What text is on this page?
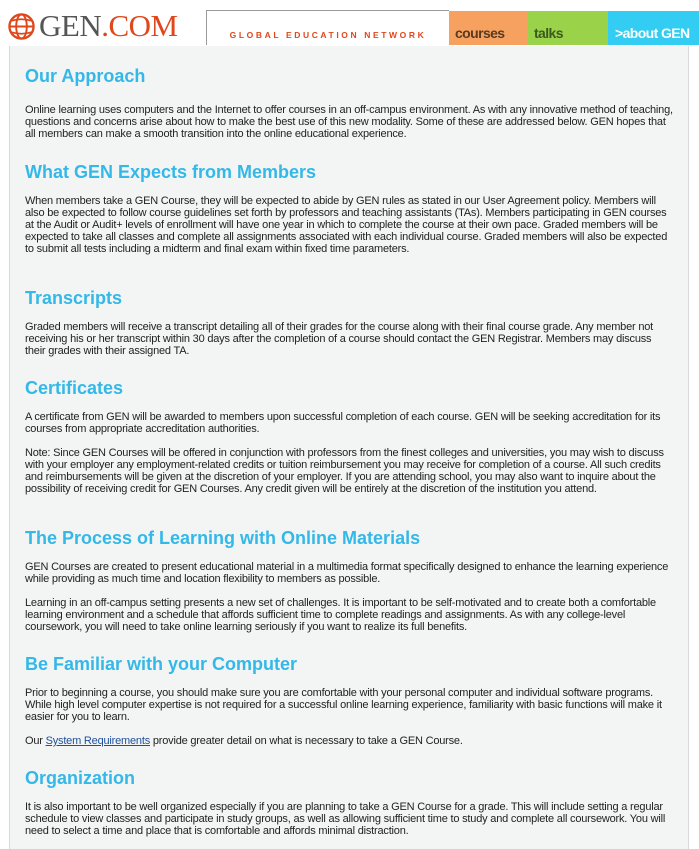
GEN.COM	GLOBAL EDUCATION NETWORK	courses	talks	>about GEN
Our Approach

Online learning uses computers and the Internet to offer courses in an off-campus environment. As with any innovative method of teaching, questions and concerns arise about how to make the best use of this new modality. Some of these are addressed below. GEN hopes that all members can make a smooth transition into the online educational experience.

What GEN Expects from Members

When members take a GEN Course, they will be expected to abide by GEN rules as stated in our User Agreement policy. Members will also be expected to follow course guidelines set forth by professors and teaching assistants (TAs). Members participating in GEN courses at the Audit or Audit+ levels of enrollment will have one year in which to complete the course at their own pace. Graded members will be expected to take all classes and complete all assignments associated with each individual course. Graded members will also be expected to submit all tests including a midterm and final exam within fixed time parameters.

Transcripts

Graded members will receive a transcript detailing all of their grades for the course along with their final course grade. Any member not receiving his or her transcript within 30 days after the completion of a course should contact the GEN Registrar. Members may discuss their grades with their assigned TA.

Certificates

A certificate from GEN will be awarded to members upon successful completion of each course. GEN will be seeking accreditation for its courses from appropriate accreditation authorities.

Note: Since GEN Courses will be offered in conjunction with professors from the finest colleges and universities, you may wish to discuss with your employer any employment-related credits or tuition reimbursement you may receive for completion of a course. All such credits and reimbursements will be given at the discretion of your employer. If you are attending school, you may also want to inquire about the possibility of receiving credit for GEN Courses. Any credit given will be entirely at the discretion of the institution you attend.

The Process of Learning with Online Materials

GEN Courses are created to present educational material in a multimedia format specifically designed to enhance the learning experience while providing as much time and location flexibility to members as possible.

Learning in an off-campus setting presents a new set of challenges. It is important to be self-motivated and to create both a comfortable learning environment and a schedule that affords sufficient time to complete readings and assignments. As with any college-level coursework, you will need to take online learning seriously if you want to realize its full benefits.

Be Familiar with your Computer

Prior to beginning a course, you should make sure you are comfortable with your personal computer and individual software programs. While high level computer expertise is not required for a successful online learning experience, familiarity with basic functions will make it easier for you to learn.

Our System Requirements provide greater detail on what is necessary to take a GEN Course.

Organization

It is also important to be well organized especially if you are planning to take a GEN Course for a grade. This will include setting a regular schedule to view classes and participate in study groups, as well as allowing sufficient time to study and complete all coursework. You will need to select a time and place that is comfortable and affords minimal distraction.
